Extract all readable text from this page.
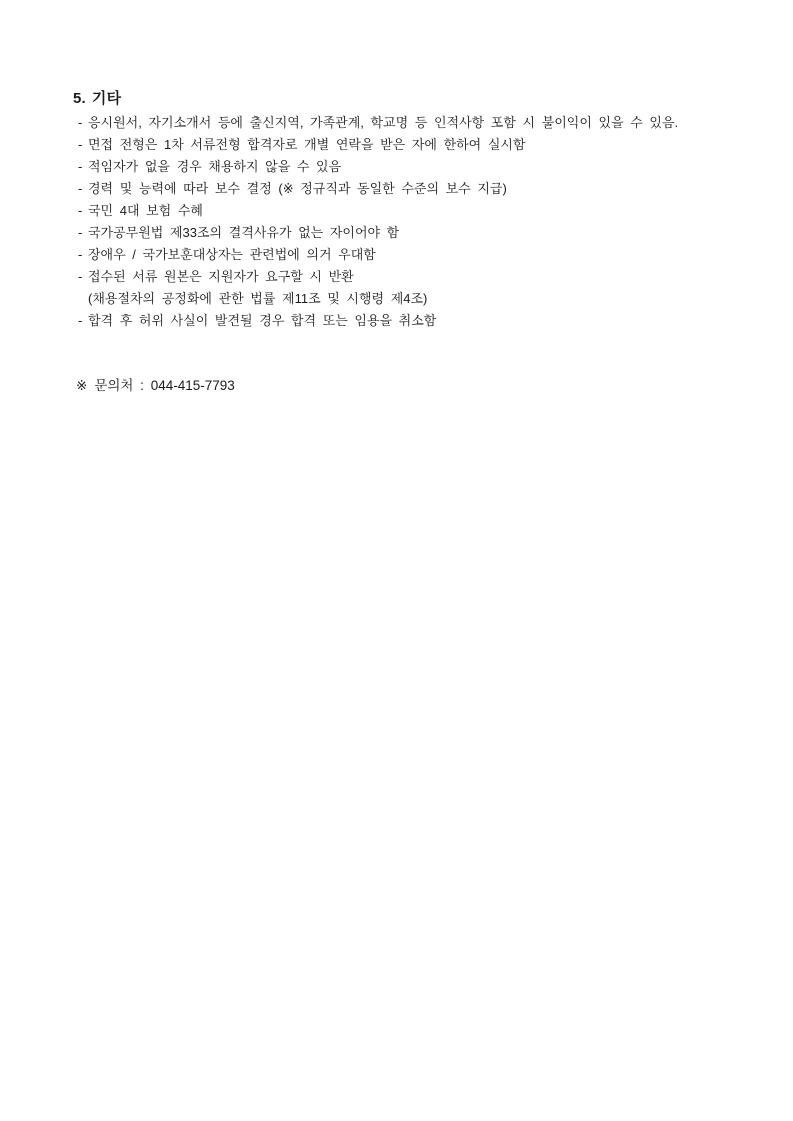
5. 기타
- 응시원서, 자기소개서 등에 출신지역, 가족관계, 학교명 등 인적사항 포함 시 불이익이 있을 수 있음.
- 면접 전형은 1차 서류전형 합격자로 개별 연락을 받은 자에 한하여 실시함
- 적임자가 없을 경우 채용하지 않을 수 있음
- 경력 및 능력에 따라 보수 결정 (※ 정규직과 동일한 수준의 보수 지급)
- 국민 4대 보험 수혜
- 국가공무원법 제33조의 결격사유가 없는 자이어야 함
- 장애우 / 국가보훈대상자는 관련법에 의거 우대함
- 접수된 서류 원본은 지원자가 요구할 시 반환
(채용절차의 공정화에 관한 법률 제11조 및 시행령 제4조)
- 합격 후 허위 사실이 발견될 경우 합격 또는 임용을 취소함
※ 문의처 : 044-415-7793
